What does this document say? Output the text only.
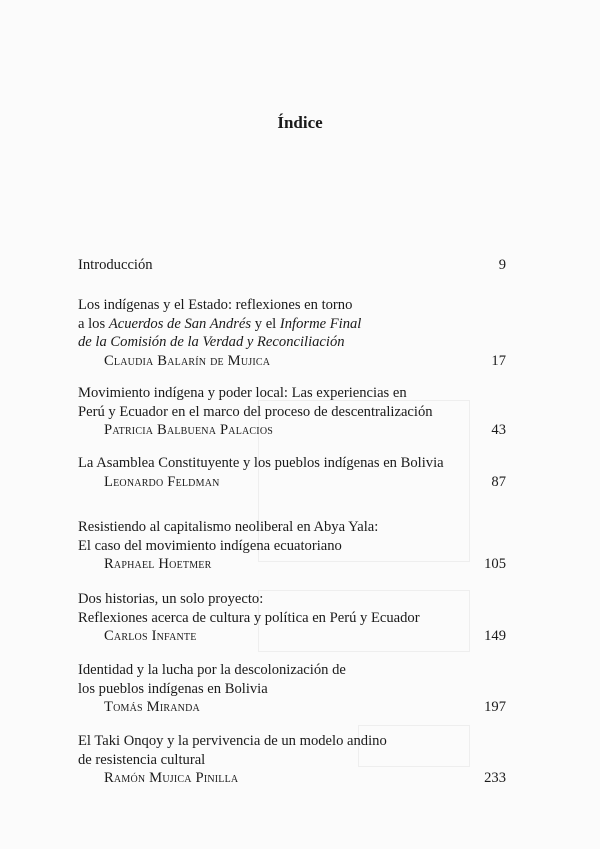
Índice
Introducción	9
Los indígenas y el Estado: reflexiones en torno
a los Acuerdos de San Andrés y el Informe Final
de la Comisión de la Verdad y Reconciliación
Claudia Balarín de Mujica	17
Movimiento indígena y poder local: Las experiencias en
Perú y Ecuador en el marco del proceso de descentralización
Patricia Balbuena Palacios	43
La Asamblea Constituyente y los pueblos indígenas en Bolivia
Leonardo Feldman	87
Resistiendo al capitalismo neoliberal en Abya Yala:
El caso del movimiento indígena ecuatoriano
Raphael Hoetmer	105
Dos historias, un solo proyecto:
Reflexiones acerca de cultura y política en Perú y Ecuador
Carlos Infante	149
Identidad y la lucha por la descolonización de
los pueblos indígenas en Bolivia
Tomás Miranda	197
El Taki Onqoy y la pervivencia de un modelo andino
de resistencia cultural
Ramón Mujica Pinilla	233
